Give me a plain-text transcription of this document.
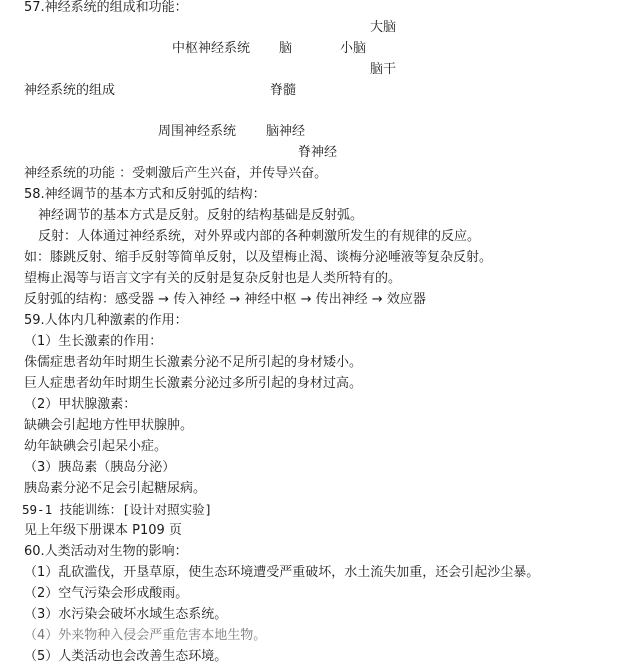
57.神经系统的组成和功能：
大脑
中枢神经系统 脑	小脑
脑干
神经系统的组成	脊髓
周围神经系统 脑神经
脊神经
神经系统的功能 ：受刺激后产生兴奋，并传导兴奋。
58.神经调节的基本方式和反射弧的结构：
神经调节的基本方式是反射。反射的结构基础是反射弧。
反射：人体通过神经系统，对外界或内部的各种刺激所发生的有规律的反应。
如：膝跳反射、缩手反射等简单反射，以及望梅止渴、谈梅分泌唾液等复杂反射。
望梅止渴等与语言文字有关的反射是复杂反射也是人类所特有的。
反射弧的结构：感受器 → 传入神经 → 神经中枢 → 传出神经 → 效应器
59.人体内几种激素的作用：
（1）生长激素的作用：
侏儒症患者幼年时期生长激素分泌不足所引起的身材矮小。
巨人症患者幼年时期生长激素分泌过多所引起的身材过高。
（2）甲状腺激素：
缺碘会引起地方性甲状腺肿。
幼年缺碘会引起呆小症。
（3）胰岛素（胰岛分泌）
胰岛素分泌不足会引起糖尿病。
59-1 技能训练：[设计对照实验]
见上年级下册课本 P109 页
60.人类活动对生物的影响：
（1）乱砍滥伐，开垦草原，使生态环境遭受严重破坏，水土流失加重，还会引起沙尘暴。
（2）空气污染会形成酸雨。
（3）水污染会破坏水域生态系统。
（4）外来物种入侵会严重危害本地生物。
（5）人类活动也会改善生态环境。
